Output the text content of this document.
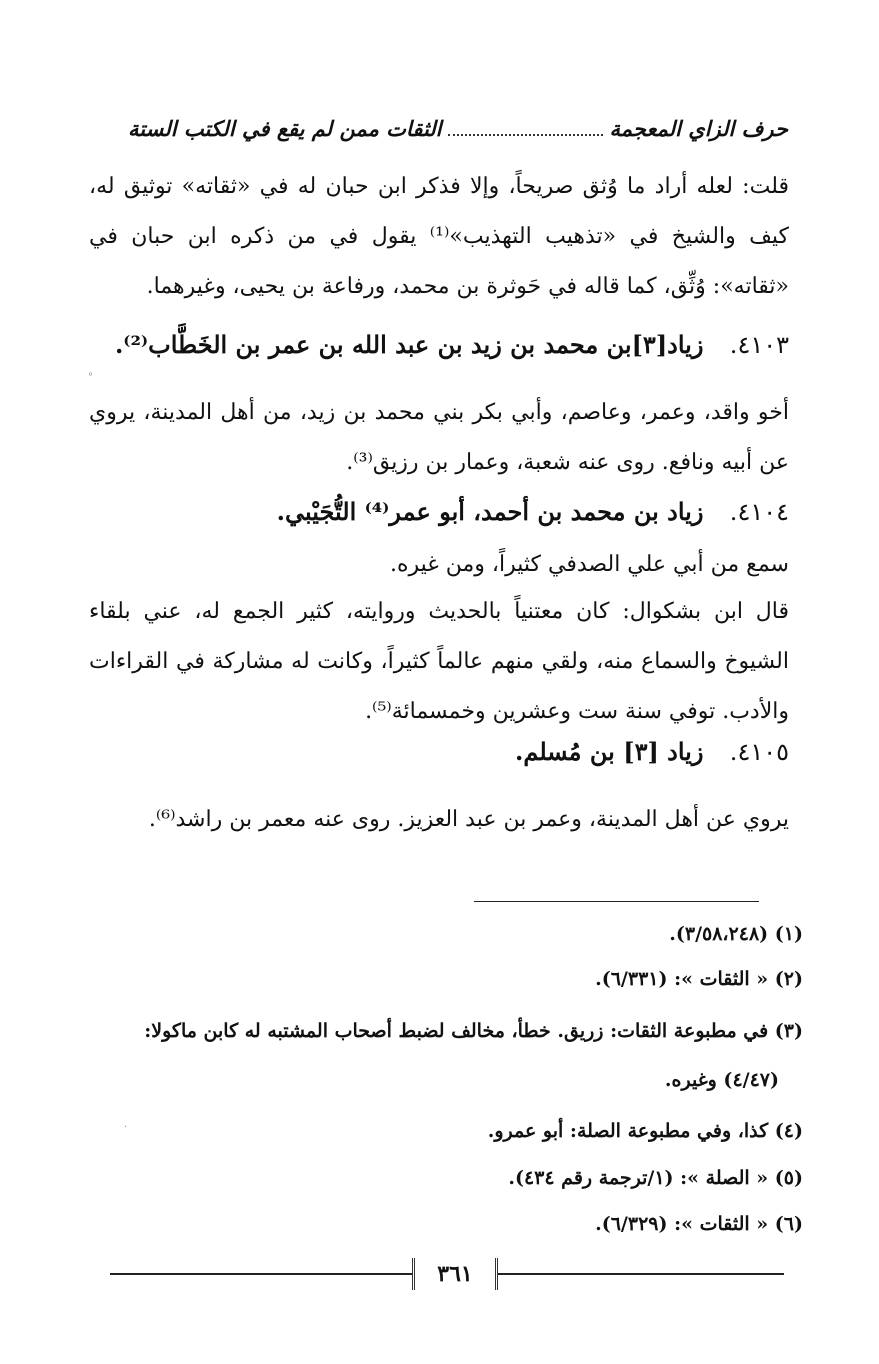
حرف الزاي المعجمة
الثقات ممن لم يقع في الكتب الستة
قلت: لعله أراد ما وُثق صريحاً، وإلا فذكر ابن حبان له في «ثقاته» توثيق له، كيف والشيخ في «تذهيب التهذيب»⁽¹⁾ يقول في من ذكره ابن حبان في «ثقاته»: وُثِّق، كما قاله في حَوثرة بن محمد، ورفاعة بن يحيى، وغيرهما.
٤١٠٣. زياد[٣]بن محمد بن زيد بن عبد الله بن عمر بن الخَطَّاب⁽²⁾.
أخو واقد، وعمر، وعاصم، وأبي بكر بني محمد بن زيد، من أهل المدينة، يروي عن أبيه ونافع. روى عنه شعبة، وعمار بن رزيق⁽³⁾.
٤١٠٤. زياد بن محمد بن أحمد، أبو عمر⁽⁴⁾ التُّجَيْبي.
سمع من أبي علي الصدفي كثيراً، ومن غيره.
قال ابن بشكوال: كان معتنياً بالحديث وروايته، كثير الجمع له، عني بلقاء الشيوخ والسماع منه، ولقي منهم عالماً كثيراً، وكانت له مشاركة في القراءات والأدب. توفي سنة ست وعشرين وخمسمائة⁽⁵⁾.
٤١٠٥. زياد [٣] بن مُسلم.
يروي عن أهل المدينة، وعمر بن عبد العزيز. روى عنه معمر بن راشد⁽⁶⁾.
(١) (٣/٥٨،٢٤٨).
(٢) « الثقات »: (٦/٣٣١).
(٣) في مطبوعة الثقات: زريق. خطأ، مخالف لضبط أصحاب المشتبه له كابن ماكولا:
(٤/٤٧) وغيره.
(٤) كذا، وفي مطبوعة الصلة: أبو عمرو.
(٥) « الصلة »: (١/ترجمة رقم ٤٣٤).
(٦) « الثقات »: (٦/٣٢٩).
٣٦١
°
·
